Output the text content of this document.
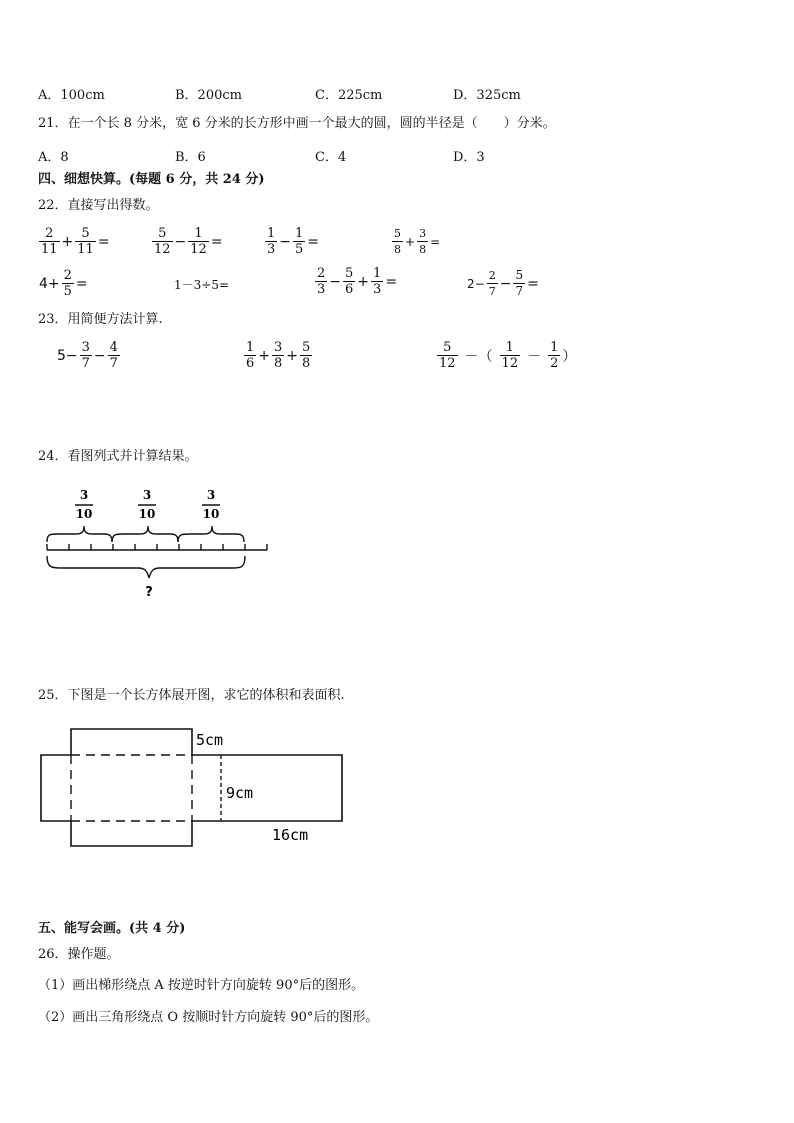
A．100cm	B．200cm	C．225cm	D．325cm
21．在一个长 8 分米，宽 6 分米的长方形中画一个最大的圆，圆的半径是（　　）分米。
A．8	B．6	C．4	D．3
四、细想快算。(每题 6 分，共 24 分)
22．直接写出得数。
$\frac{2}{11} + \frac{5}{11}$ =	$\frac{5}{12} - \frac{1}{12}$ =	$\frac{1}{3} - \frac{1}{5}$ =	$\frac{5}{8} + \frac{3}{8}$ =
$4+ \frac{2}{5}$ =	1－3÷5=	$\frac{2}{3} - \frac{5}{6} + \frac{1}{3}$ =	$2- \frac{2}{7} - \frac{5}{7}$ =
23．用简便方法计算.
$5- \frac{3}{7} - \frac{4}{7}$	$\frac{1}{6} + \frac{3}{8} + \frac{5}{8}$	$\frac{5}{12}$ －（ $\frac{1}{12} - \frac{1}{2}$ ）
24．看图列式并计算结果。
3
10
3
10
3
10
?
25．下图是一个长方体展开图，求它的体积和表面积.
5cm
9cm
16cm
五、能写会画。(共 4 分)
26．操作题。
（1）画出梯形绕点 A 按逆时针方向旋转 90°后的图形。
（2）画出三角形绕点 O 按顺时针方向旋转 90°后的图形。
